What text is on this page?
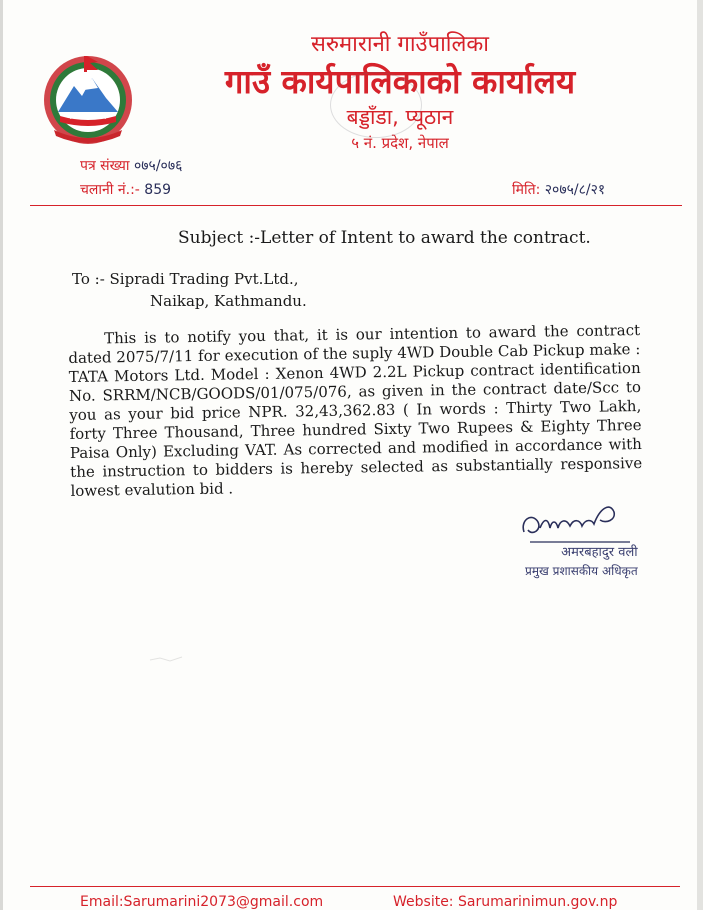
सरुमारानी गाउँपालिका
गाउँ कार्यपालिकाको कार्यालय
बड्डाँडा, प्यूठान
५ नं. प्रदेश, नेपाल
पत्र संख्या ०७५/०७६
चलानी नं.:- 859	मिति: २०७५/८/२१
Subject :-Letter of Intent to award the contract.
To :- Sipradi Trading Pvt.Ltd.,
Naikap, Kathmandu.
This is to notify you that, it is our intention to award the contract dated 2075/7/11 for execution of the suply 4WD Double Cab Pickup make : TATA Motors Ltd. Model : Xenon 4WD 2.2L Pickup contract identification No. SRRM/NCB/GOODS/01/075/076, as given in the contract date/Scc to you as your bid price NPR. 32,43,362.83 ( In words : Thirty Two Lakh, forty Three Thousand, Three hundred Sixty Two Rupees & Eighty Three Paisa Only) Excluding VAT. As corrected and modified in accordance with the instruction to bidders is hereby selected as substantially responsive lowest evalution bid .
अमरबहादुर वली
प्रमुख प्रशासकीय अधिकृत
Email:Sarumarini2073@gmail.com	Website: Sarumarinimun.gov.np
